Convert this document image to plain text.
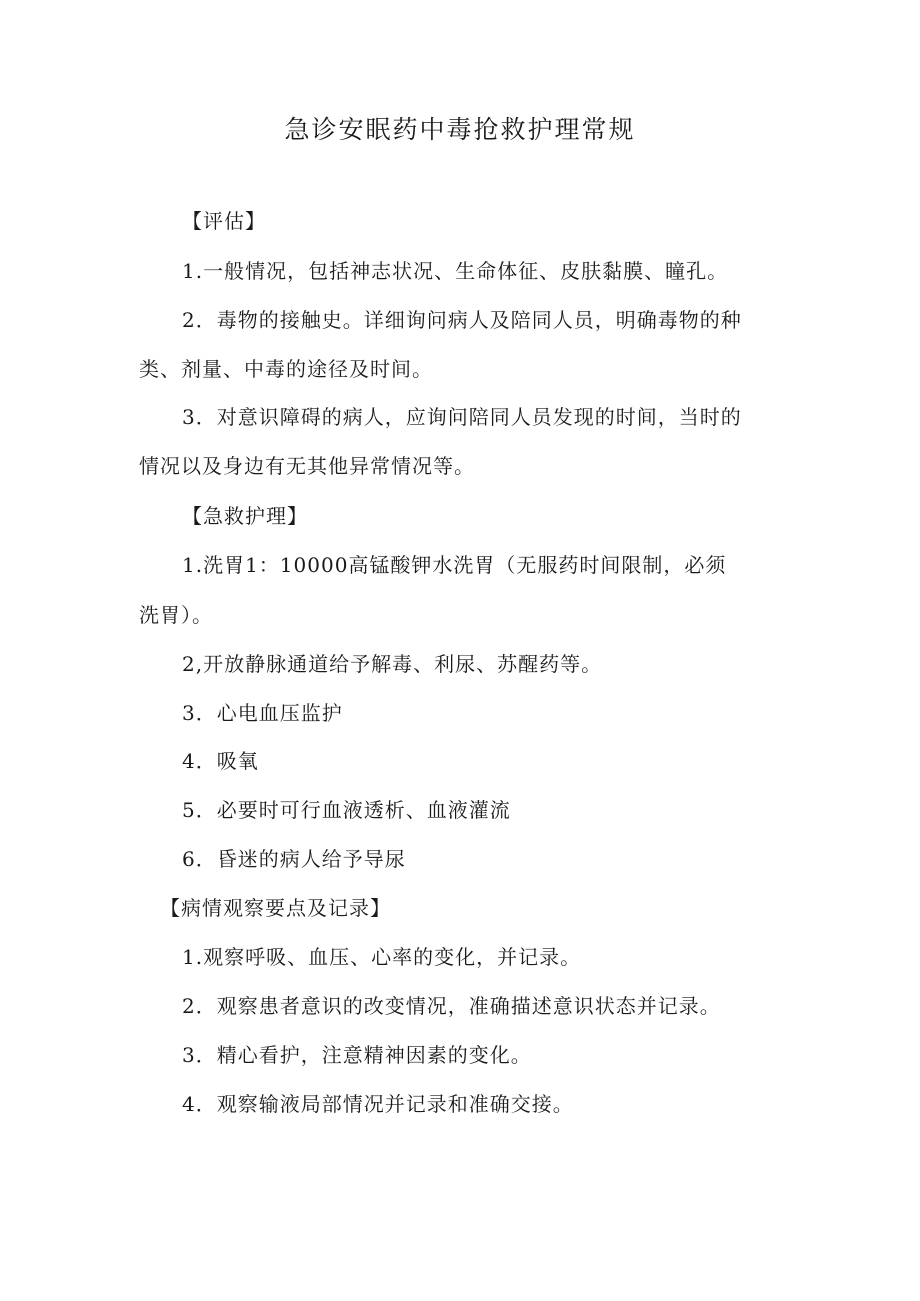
急诊安眠药中毒抢救护理常规
【评估】
1.一般情况，包括神志状况、生命体征、皮肤黏膜、瞳孔。
2．毒物的接触史。详细询问病人及陪同人员，明确毒物的种
类、剂量、中毒的途径及时间。
3．对意识障碍的病人，应询问陪同人员发现的时间，当时的
情况以及身边有无其他异常情况等。
【急救护理】
1.洗胃1：10000高锰酸钾水洗胃（无服药时间限制，必须
洗胃）。
2,开放静脉通道给予解毒、利尿、苏醒药等。
3．心电血压监护
4．吸氧
5．必要时可行血液透析、血液灌流
6．昏迷的病人给予导尿
【病情观察要点及记录】
1.观察呼吸、血压、心率的变化，并记录。
2．观察患者意识的改变情况，准确描述意识状态并记录。
3．精心看护，注意精神因素的变化。
4．观察输液局部情况并记录和准确交接。
